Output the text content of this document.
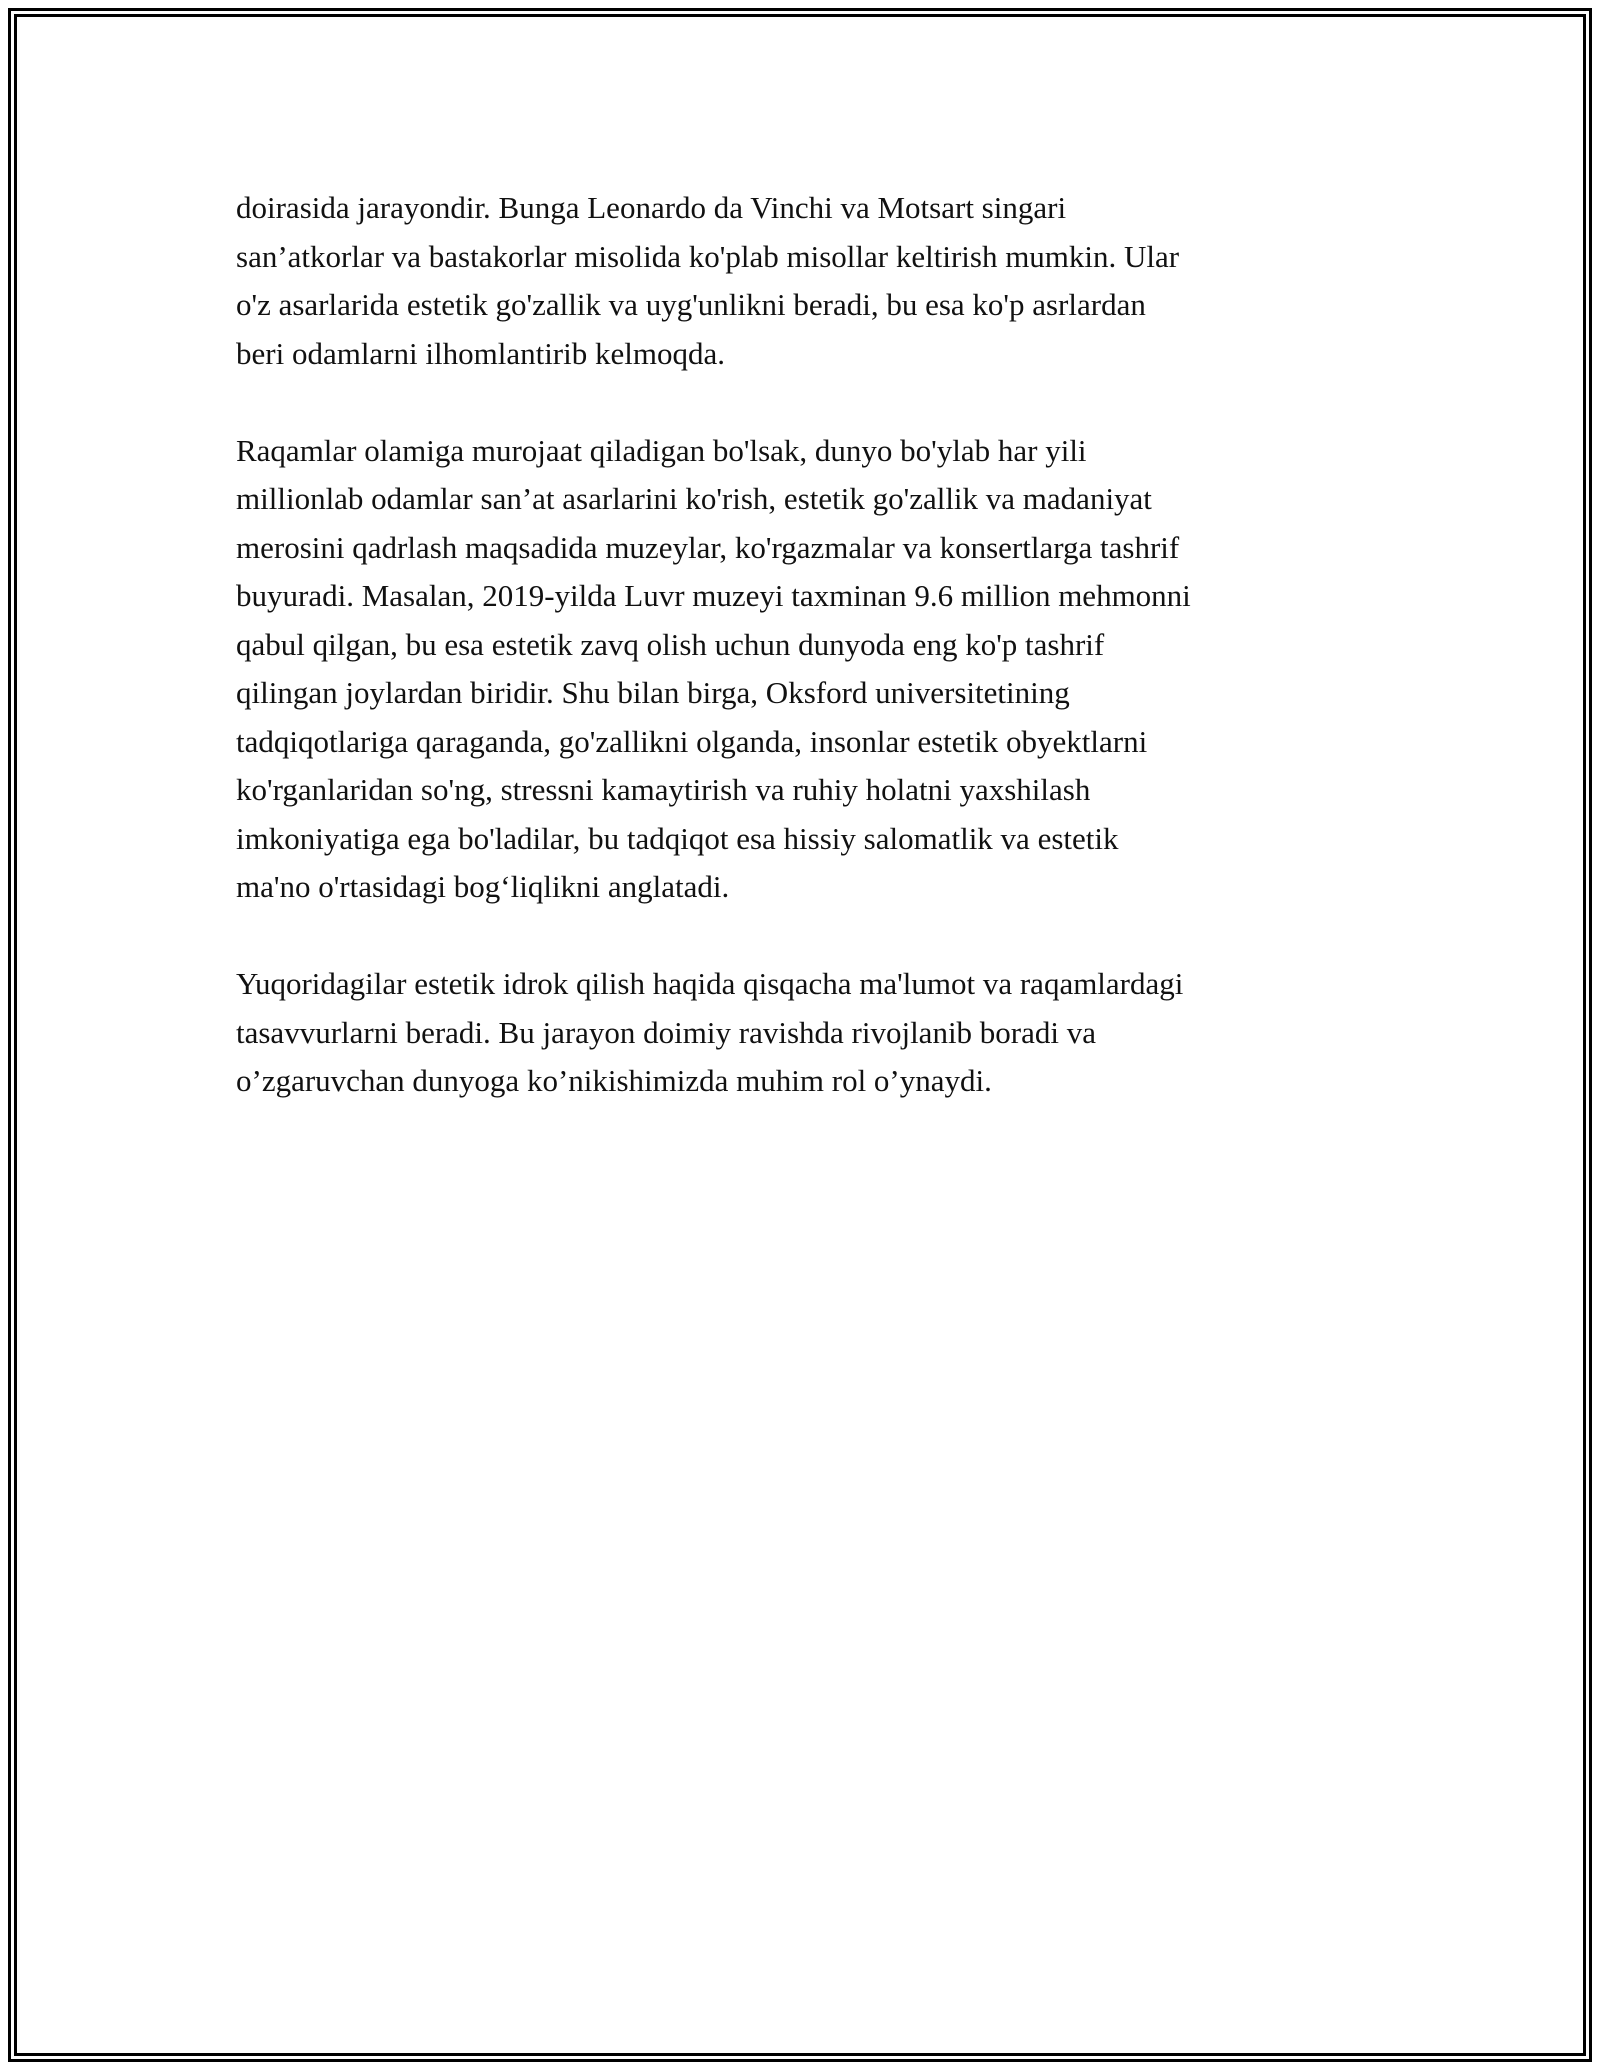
doirasida jarayondir. Bunga Leonardo da Vinchi va Motsart singari
san’atkorlar va bastakorlar misolida ko'plab misollar keltirish mumkin. Ular
o'z asarlarida estetik go'zallik va uyg'unlikni beradi, bu esa ko'p asrlardan
beri odamlarni ilhomlantirib kelmoqda.

Raqamlar olamiga murojaat qiladigan bo'lsak, dunyo bo'ylab har yili
millionlab odamlar san’at asarlarini ko'rish, estetik go'zallik va madaniyat
merosini qadrlash maqsadida muzeylar, ko'rgazmalar va konsertlarga tashrif
buyuradi. Masalan, 2019-yilda Luvr muzeyi taxminan 9.6 million mehmonni
qabul qilgan, bu esa estetik zavq olish uchun dunyoda eng ko'p tashrif
qilingan joylardan biridir. Shu bilan birga, Oksford universitetining
tadqiqotlariga qaraganda, go'zallikni olganda, insonlar estetik obyektlarni
ko'rganlaridan so'ng, stressni kamaytirish va ruhiy holatni yaxshilash
imkoniyatiga ega bo'ladilar, bu tadqiqot esa hissiy salomatlik va estetik
ma'no o'rtasidagi bog‘liqlikni anglatadi.

Yuqoridagilar estetik idrok qilish haqida qisqacha ma'lumot va raqamlardagi
tasavvurlarni beradi. Bu jarayon doimiy ravishda rivojlanib boradi va
o’zgaruvchan dunyoga ko’nikishimizda muhim rol o’ynaydi.
